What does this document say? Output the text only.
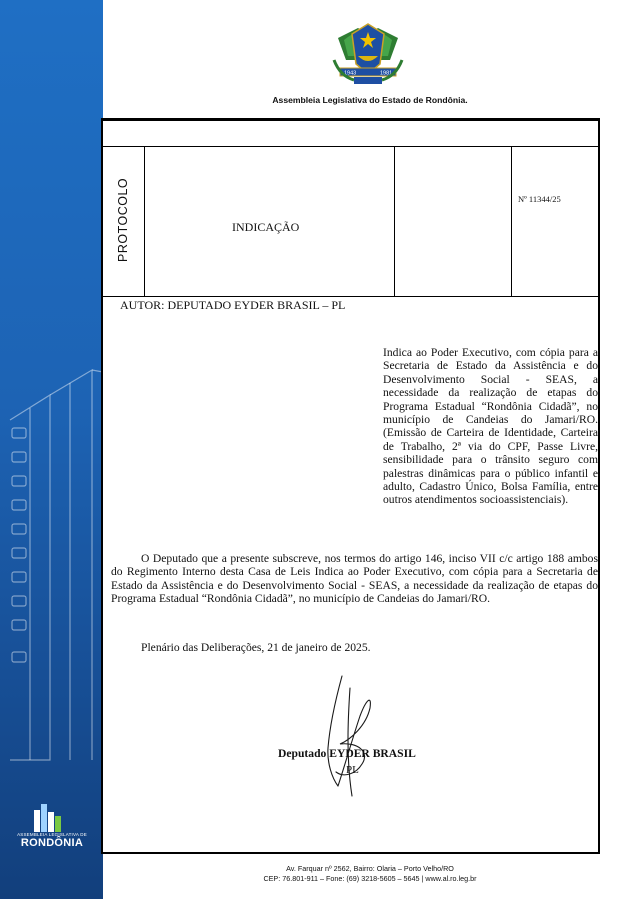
ASSEMBLEIA LEGISLATIVA DE
RONDÔNIA
1943	1981
Assembleia Legislativa do Estado de Rondônia.
PROTOCOLO	INDICAÇÃO
Nº 11344/25
AUTOR: DEPUTADO EYDER BRASIL – PL
Indica ao Poder Executivo, com cópia para a Secretaria de Estado da Assistência e do Desenvolvimento Social - SEAS, a necessidade da realização de etapas do Programa Estadual “Rondônia Cidadã”, no município de Candeias do Jamari/RO. (Emissão de Carteira de Identidade, Carteira de Trabalho, 2ª via do CPF, Passe Livre, sensibilidade para o trânsito seguro com palestras dinâmicas para o público infantil e adulto, Cadastro Único, Bolsa Família, entre outros atendimentos socioassistenciais).
O Deputado que a presente subscreve, nos termos do artigo 146, inciso VII c/c artigo 188 ambos do Regimento Interno desta Casa de Leis Indica ao Poder Executivo, com cópia para a Secretaria de Estado da Assistência e do Desenvolvimento Social - SEAS, a necessidade da realização de etapas do Programa Estadual “Rondônia Cidadã”, no município de Candeias do Jamari/RO.
Plenário das Deliberações, 21 de janeiro de 2025.
Deputado EYDER BRASIL
PL
Av. Farquar nº 2562, Bairro: Olaria – Porto Velho/RO
CEP: 76.801-911 – Fone: (69) 3218-5605 – 5645 | www.al.ro.leg.br
